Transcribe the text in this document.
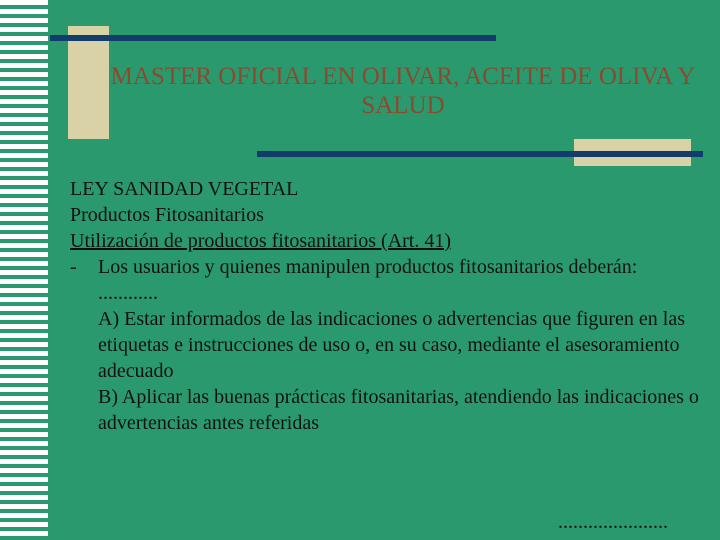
MASTER OFICIAL EN OLIVAR, ACEITE DE OLIVA Y SALUD
LEY SANIDAD VEGETAL
Productos Fitosanitarios
Utilización de productos fitosanitarios (Art. 41)
-	Los usuarios y quienes manipulen productos fitosanitarios deberán:
............
A) Estar informados de las indicaciones o advertencias que figuren en las etiquetas e instrucciones de uso o, en su caso, mediante el asesoramiento adecuado
B) Aplicar las buenas prácticas fitosanitarias, atendiendo las indicaciones o advertencias antes referidas
......................
